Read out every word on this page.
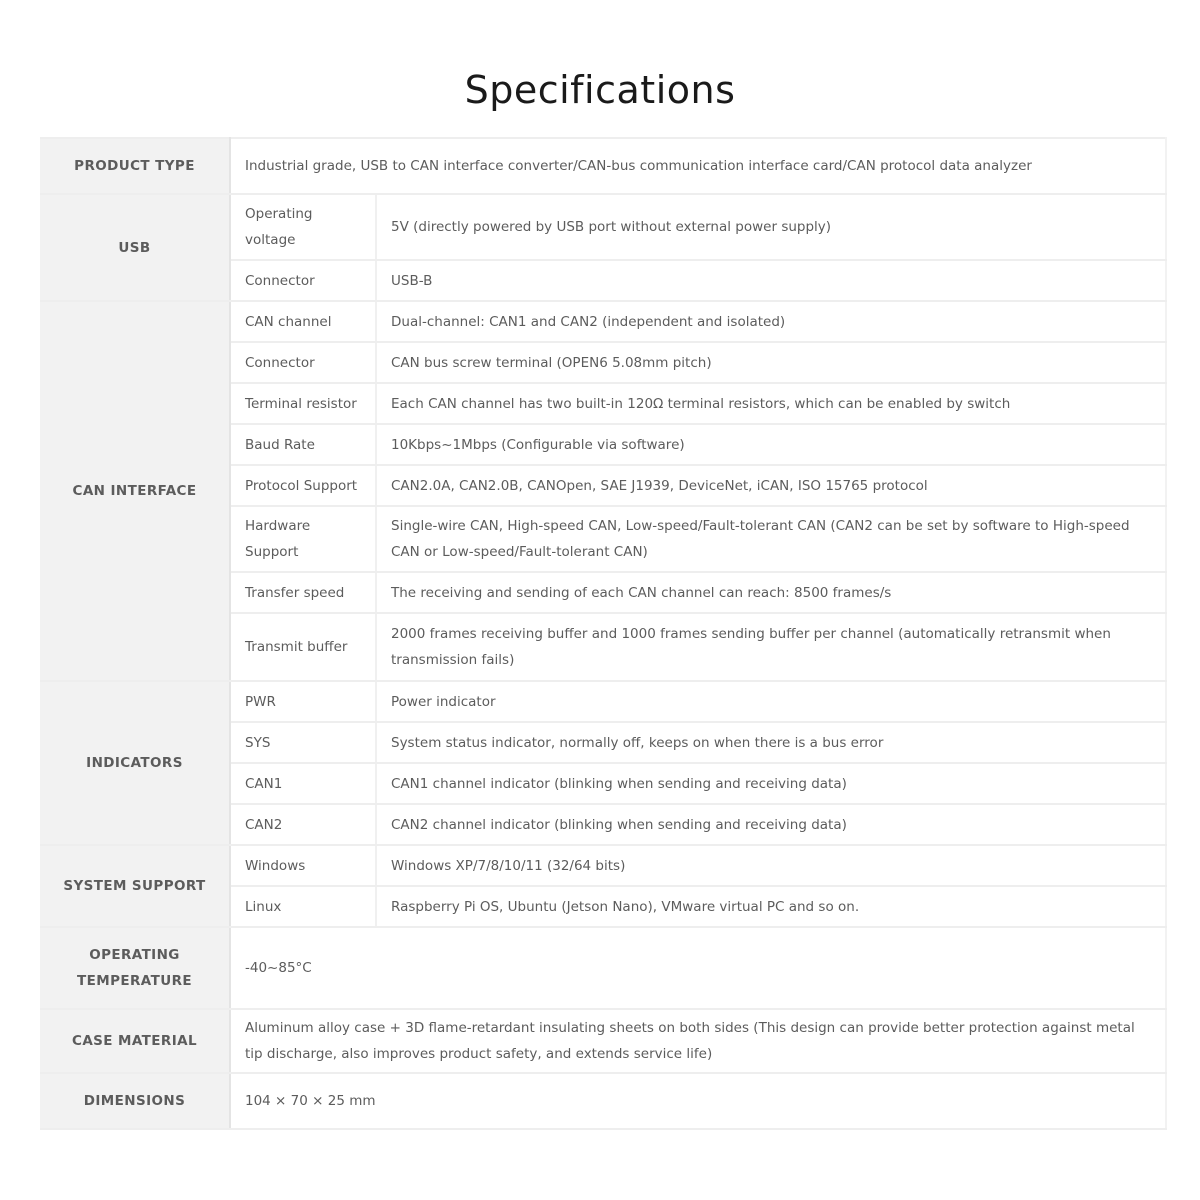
Specifications
PRODUCT TYPE	Industrial grade, USB to CAN interface converter/CAN-bus communication interface card/CAN protocol data analyzer	
USB	Operating voltage	5V (directly powered by USB port without external power supply)
	Connector	USB-B
CAN INTERFACE	CAN channel	Dual-channel: CAN1 and CAN2 (independent and isolated)
	Connector	CAN bus screw terminal (OPEN6 5.08mm pitch)
	Terminal resistor	Each CAN channel has two built-in 120Ω terminal resistors, which can be enabled by switch
	Baud Rate	10Kbps~1Mbps (Configurable via software)
	Protocol Support	CAN2.0A, CAN2.0B, CANOpen, SAE J1939, DeviceNet, iCAN, ISO 15765 protocol
	Hardware Support	Single-wire CAN, High-speed CAN, Low-speed/Fault-tolerant CAN (CAN2 can be set by software to High-speed CAN or Low-speed/Fault-tolerant CAN)
	Transfer speed	The receiving and sending of each CAN channel can reach: 8500 frames/s
	Transmit buffer	2000 frames receiving buffer and 1000 frames sending buffer per channel (automatically retransmit when transmission fails)
INDICATORS	PWR	Power indicator
	SYS	System status indicator, normally off, keeps on when there is a bus error
	CAN1	CAN1 channel indicator (blinking when sending and receiving data)
	CAN2	CAN2 channel indicator (blinking when sending and receiving data)
SYSTEM SUPPORT	Windows	Windows XP/7/8/10/11 (32/64 bits)
	Linux	Raspberry Pi OS, Ubuntu (Jetson Nano), VMware virtual PC and so on.
OPERATING TEMPERATURE	-40~85°C	
CASE MATERIAL	Aluminum alloy case + 3D flame-retardant insulating sheets on both sides (This design can provide better protection against metal tip discharge, also improves product safety, and extends service life)	
DIMENSIONS	104 × 70 × 25 mm	
